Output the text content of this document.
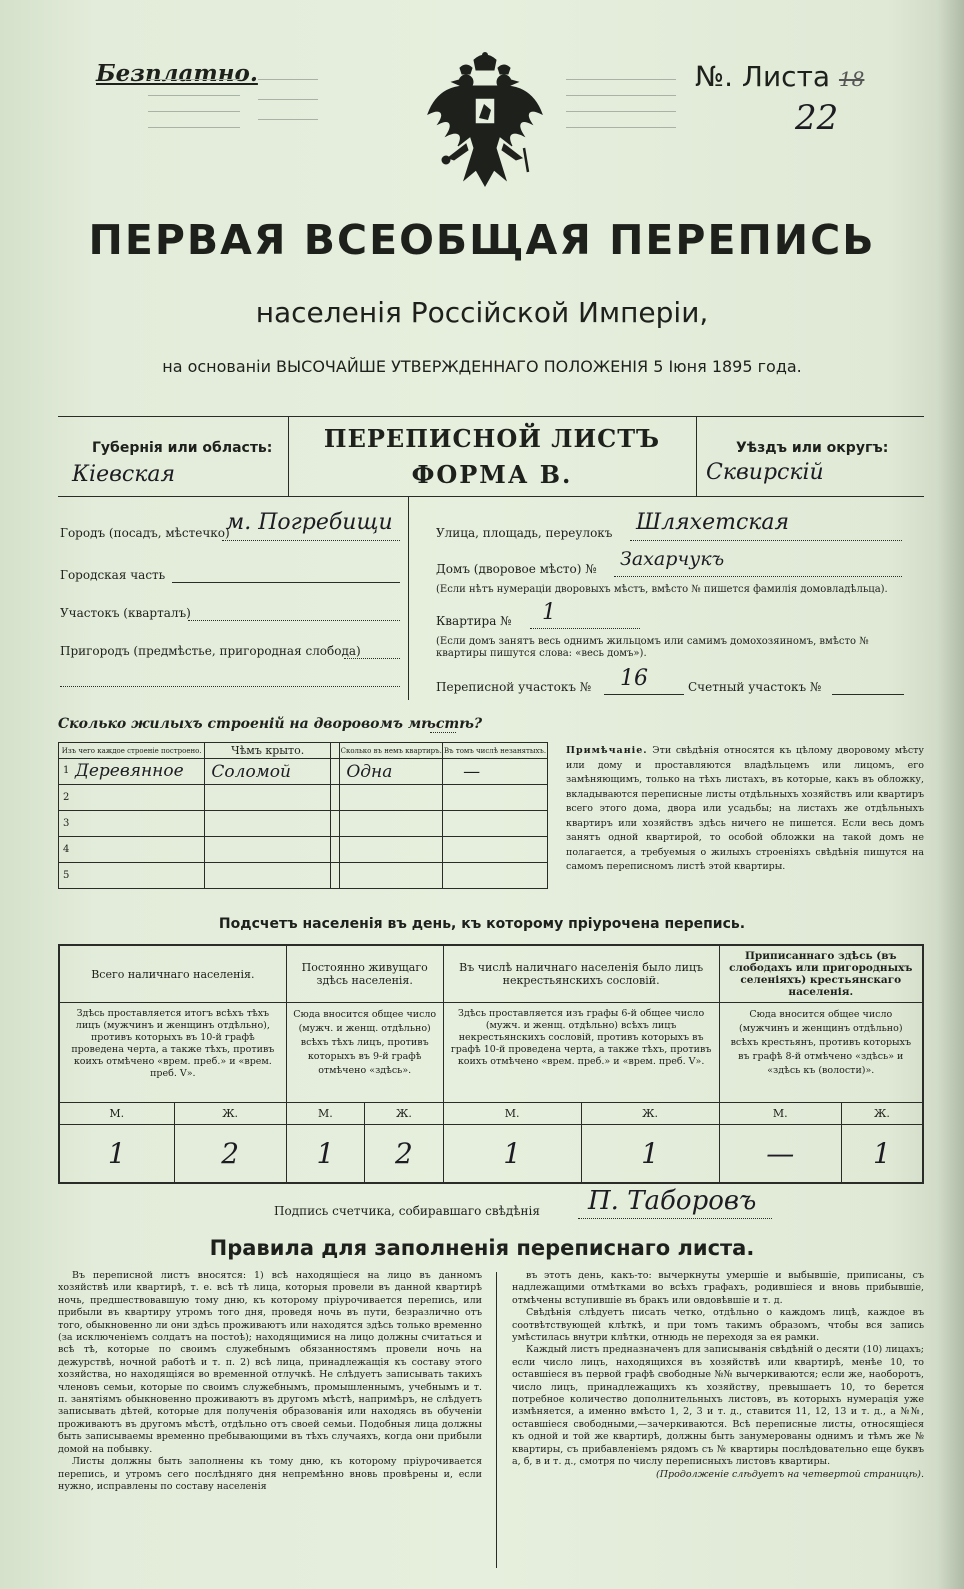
Безплатно.	№. Листа 18
22
ПЕРВАЯ ВСЕОБЩАЯ ПЕРЕПИСЬ
населенія Россійской Имперіи,
на основаніи ВЫСОЧАЙШЕ УТВЕРЖДЕННАГО ПОЛОЖЕНІЯ 5 Іюня 1895 года.
Губернія или область:
Кіевская
ПЕРЕПИСНОЙ ЛИСТЪ
ФОРМА В.
Уѣздъ или округъ:
Сквирскій
Городъ (посадъ, мѣстечко)
м. Погребищи
Городская часть
Участокъ (кварталъ)
Пригородъ (предмѣстье, пригородная слобода)
Улица, площадь, переулокъ Шляхетская
Домъ (дворовое мѣсто) № Захарчукъ
(Если нѣтъ нумераціи дворовыхъ мѣстъ, вмѣсто № пишется фамилія домовладѣльца).
Квартира № 1
(Если домъ занятъ весь однимъ жильцомъ или самимъ домохозяиномъ, вмѣсто № квартиры пишутся слова: «весь домъ»).
Переписной участокъ № 16	Счетный участокъ №
Сколько жилыхъ строеній на дворовомъ мѣстѣ?
Изъ чего каждое строеніе построено.	Чѣмъ крыто.		Сколько въ немъ квартиръ.	Въ томъ числѣ незанятыхъ.

1 Деревянное	Соломой		Одна	—
2				
3				
4				
5				
Примѣчаніе. Эти свѣдѣнія относятся къ цѣлому дворовому мѣсту или дому и проставляются владѣльцемъ или лицомъ, его замѣняющимъ, только на тѣхъ листахъ, въ которые, какъ въ обложку, вкладываются переписные листы отдѣльныхъ хозяйствъ или квартиръ всего этого дома, двора или усадьбы; на листахъ же отдѣльныхъ квартиръ или хозяйствъ здѣсь ничего не пишется. Если весь домъ занятъ одной квартирой, то особой обложки на такой домъ не полагается, а требуемыя о жилыхъ строеніяхъ свѣдѣнія пишутся на самомъ переписномъ листѣ этой квартиры.
Подсчетъ населенія въ день, къ которому пріурочена перепись.
Всего наличнаго населенія.		Постоянно живущаго здѣсь населенія.		Въ числѣ наличнаго населенія было лицъ некрестьянскихъ сословій.		Приписаннаго здѣсь (въ слободахъ или пригородныхъ селеніяхъ) крестьянскаго населенія.	
Здѣсь проставляется итогъ всѣхъ тѣхъ лицъ (мужчинъ и женщинъ отдѣльно), противъ которыхъ въ 10-й графѣ проведена черта, а также тѣхъ, противъ коихъ отмѣчено «врем. преб.» и «врем. преб. V».		Сюда вносится общее число (мужч. и женщ. отдѣльно) всѣхъ тѣхъ лицъ, противъ которыхъ въ 9-й графѣ отмѣчено «здѣсь».		Здѣсь проставляется изъ графы 6-й общее число (мужч. и женщ. отдѣльно) всѣхъ лицъ некрестьянскихъ сословій, противъ которыхъ въ графѣ 10-й проведена черта, а также тѣхъ, противъ коихъ отмѣчено «врем. преб.» и «врем. преб. V».		Сюда вносится общее число (мужчинъ и женщинъ отдѣльно) всѣхъ крестьянъ, противъ которыхъ въ графѣ 8-й отмѣчено «здѣсь» и «здѣсь къ (волости)».	
М.	Ж.	М.	Ж.	М.	Ж.	М.	Ж.
1	2	1	2	1	1	—	1
Подпись счетчика, собиравшаго свѣдѣнія П. Таборовъ
Правила для заполненія переписнаго листа.

Въ переписной листъ вносятся: 1) всѣ находящіеся на лицо въ данномъ хозяйствѣ или квартирѣ, т. е. всѣ тѣ лица, которыя провели въ данной квартирѣ ночь, предшествовавшую тому дню, къ которому пріурочивается перепись, или прибыли въ квартиру утромъ того дня, проведя ночь въ пути, безразлично отъ того, обыкновенно ли они здѣсь проживаютъ или находятся здѣсь только временно (за исключеніемъ солдатъ на постоѣ); находящимися на лицо должны считаться и всѣ тѣ, которые по своимъ служебнымъ обязанностямъ провели ночь на дежурствѣ, ночной работѣ и т. п. 2) всѣ лица, принадлежащія къ составу этого хозяйства, но находящіяся во временной отлучкѣ. Не слѣдуетъ записывать такихъ членовъ семьи, которые по своимъ служебнымъ, промышленнымъ, учебнымъ и т. п. занятіямъ обыкновенно проживаютъ въ другомъ мѣстѣ, напримѣръ, не слѣдуетъ записывать дѣтей, которые для полученія образованія или находясь въ обученіи проживаютъ въ другомъ мѣстѣ, отдѣльно отъ своей семьи. Подобныя лица должны быть записываемы временно пребывающими въ тѣхъ случаяхъ, когда они прибыли домой на побывку.

Листы должны быть заполнены къ тому дню, къ которому пріурочивается перепись, и утромъ сего послѣдняго дня непремѣнно вновь провѣрены и, если нужно, исправлены по составу населенія

въ этотъ день, какъ-то: вычеркнуты умершіе и выбывшіе, приписаны, съ надлежащими отмѣтками во всѣхъ графахъ, родившіеся и вновь прибывшіе, отмѣчены вступившіе въ бракъ или овдовѣвшіе и т. д.

Свѣдѣнія слѣдуетъ писать четко, отдѣльно о каждомъ лицѣ, каждое въ соотвѣтствующей клѣткѣ, и при томъ такимъ образомъ, чтобы вся запись умѣстилась внутри клѣтки, отнюдь не переходя за ея рамки.

Каждый листъ предназначенъ для записыванія свѣдѣній о десяти (10) лицахъ; если число лицъ, находящихся въ хозяйствѣ или квартирѣ, менѣе 10, то оставшіеся въ первой графѣ свободные №№ вычеркиваются; если же, наоборотъ, число лицъ, принадлежащихъ къ хозяйству, превышаетъ 10, то берется потребное количество дополнительныхъ листовъ, въ которыхъ нумерація уже измѣняется, а именно вмѣсто 1, 2, 3 и т. д., ставится 11, 12, 13 и т. д., а №№, оставшіеся свободными,—зачеркиваются. Всѣ переписные листы, относящіеся къ одной и той же квартирѣ, должны быть занумерованы однимъ и тѣмъ же № квартиры, съ прибавленіемъ рядомъ съ № квартиры послѣдовательно еще буквъ а, б, в и т. д., смотря по числу переписныхъ листовъ квартиры.

(Продолженіе слѣдуетъ на четвертой страницѣ).
